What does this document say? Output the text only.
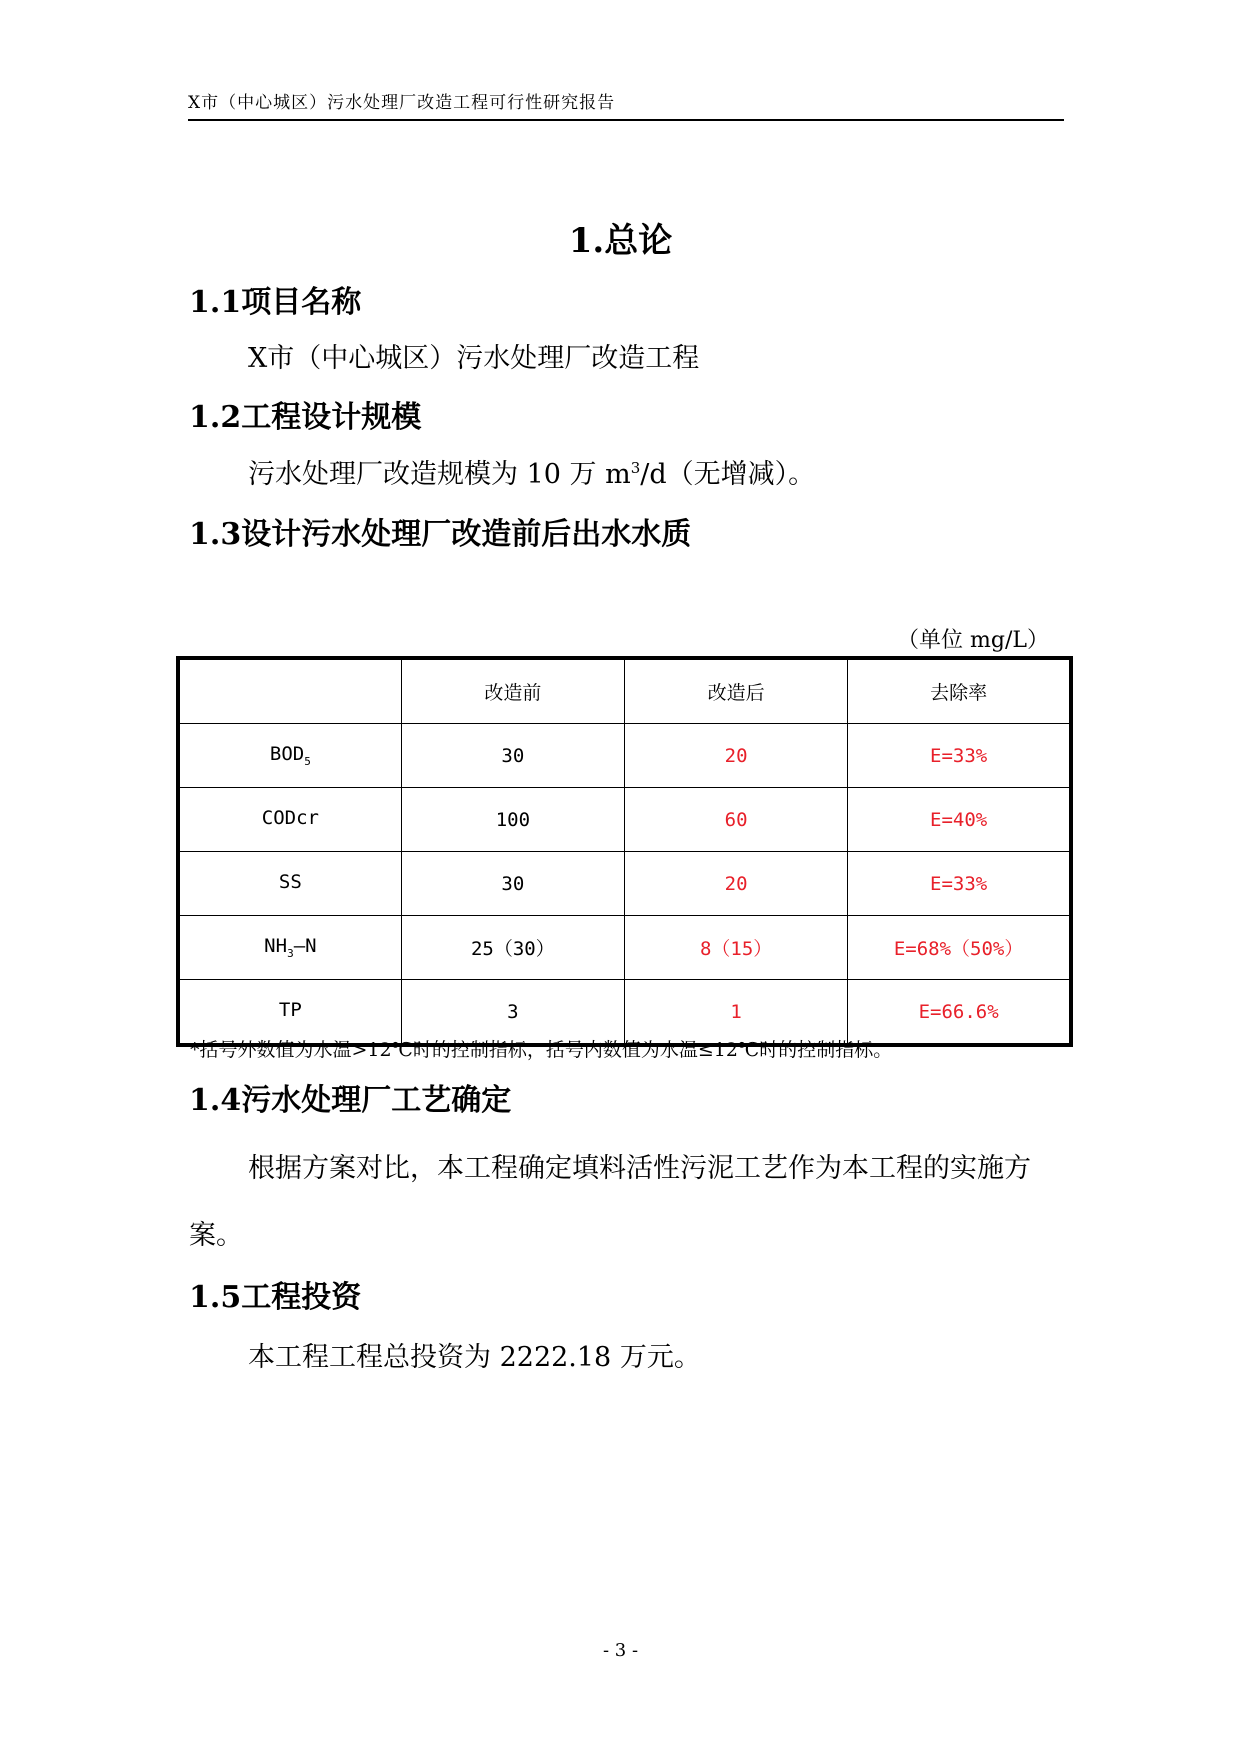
X市（中心城区）污水处理厂改造工程可行性研究报告
1.总论
1.1项目名称
X市（中心城区）污水处理厂改造工程
1.2工程设计规模
污水处理厂改造规模为 10 万 $m^3/d$（无增减）。
1.3设计污水处理厂改造前后出水水质
（单位 mg/L）
	改造前	改造后	去除率
$BOD_5$	30	20	E=33%
CODcr	100	60	E=40%
SS	30	20	E=33%
$NH_3—N$	25（30）	8（15）	E=68%（50%）
TP	3	1	E=66.6%
*括号外数值为水温>12℃时的控制指标，括号内数值为水温≤12℃时的控制指标。
1.4污水处理厂工艺确定
根据方案对比，本工程确定填料活性污泥工艺作为本工程的实施方案。
1.5工程投资
本工程工程总投资为 2222.18 万元。
- 3 -
